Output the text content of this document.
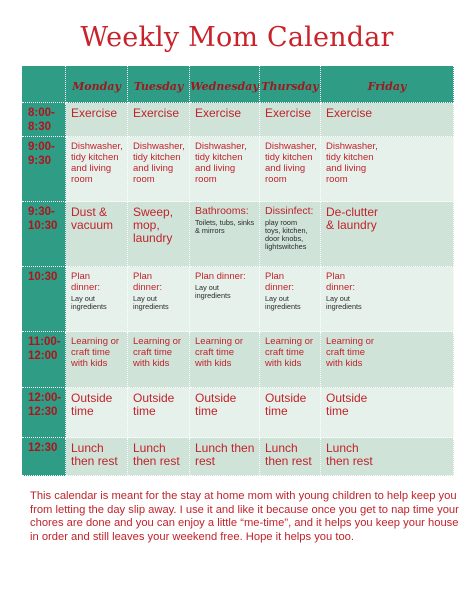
Weekly Mom Calendar
	Monday	Tuesday	Wednesday	Thursday	Friday
8:00-
8:30	Exercise	Exercise	Exercise	Exercise	Exercise

9:00-
9:30	Dishwasher,
tidy kitchen
and living
room	Dishwasher,
tidy kitchen
and living
room	Dishwasher,
tidy kitchen
and living
room	Dishwasher,
tidy kitchen
and living
room	Dishwasher,
tidy kitchen
and living
room

9:30-
10:30	Dust &
vacuum	Sweep,
mop,
laundry	Bathrooms:
Toilets, tubs, sinks
& mirrors	Dissinfect:
play room
toys, kitchen,
door knobs,
lightswitches	De-clutter
& laundry

10:30	Plan
dinner:
Lay out
ingredients	Plan
dinner:
Lay out
ingredients	Plan dinner:
Lay out
ingredients	Plan
dinner:
Lay out
ingredients	Plan
dinner:
Lay out
ingredients

11:00-
12:00	Learning or
craft time
with kids	Learning or
craft time
with kids	Learning or
craft time
with kids	Learning or
craft time
with kids	Learning or
craft time
with kids

12:00-
12:30	Outside
time	Outside
time	Outside
time	Outside
time	Outside
time

12:30	Lunch
then rest	Lunch
then rest	Lunch then
rest	Lunch
then rest	Lunch
then rest
This calendar is meant for the stay at home mom with young children to help keep you from letting the day slip away. I use it and like it because once you get to nap time your chores are done and you can enjoy a little “me-time”, and it helps you keep your house in order and still leaves your weekend free. Hope it helps you too.
